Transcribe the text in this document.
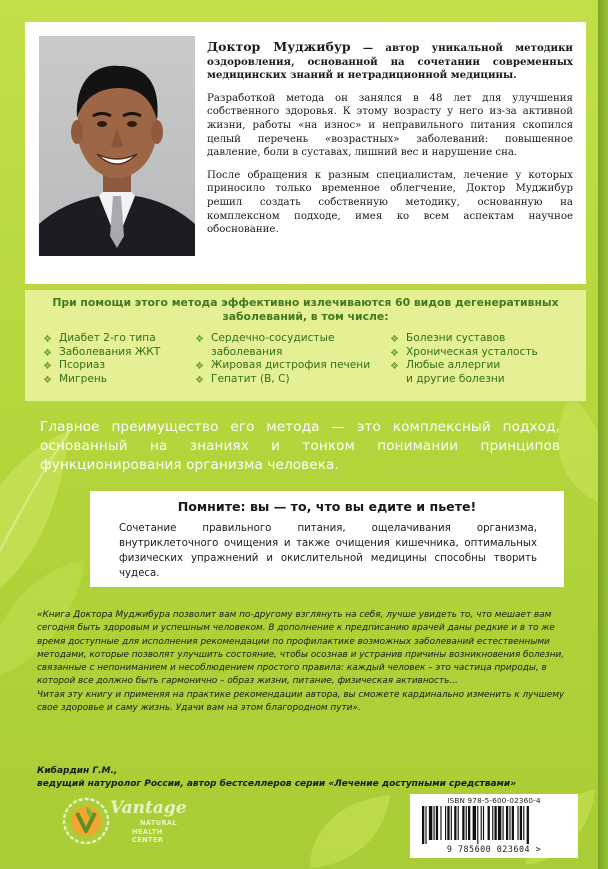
Доктор Муджибур — автор уникальной методики оздоровления, основанной на сочетании современных медицинских знаний и нетрадиционной медицины.

Разработкой метода он занялся в 48 лет для улучшения собственного здоровья. К этому возрасту у него из-за активной жизни, работы «на износ» и неправильного питания скопился целый перечень «возрастных» заболеваний: повышенное давление, боли в суставах, лишний вес и нарушение сна.

После обращения к разным специалистам, лечение у которых приносило только временное облегчение, Доктор Муджибур решил создать собственную методику, основанную на комплексном подходе, имея ко всем аспектам научное обоснование.

При помощи этого метода эффективно излечиваются 60 видов дегенеративных заболеваний, в том числе:
❖ Диабет 2-го типа
❖ Заболевания ЖКТ
❖ Псориаз
❖ Мигрень
❖ Сердечно-сосудистые
заболевания
❖ Жировая дистрофия печени
❖ Гепатит (В, С)
❖ Болезни суставов
❖ Хроническая усталость
❖ Любые аллергии
и другие болезни
Главное преимущество его метода — это комплексный подход, основанный на знаниях и тонком понимании принципов функционирования организма человека.
Помните: вы — то, что вы едите и пьете!

Сочетание правильного питания, ощелачивания организма, внутриклеточного очищения и также очищения кишечника, оптимальных физических упражнений и окислительной медицины способны творить чудеса.

«Книга Доктора Муджибура позволит вам по-другому взглянуть на себя, лучше увидеть то, что мешает вам сегодня быть здоровым и успешным человеком. В дополнение к предписанию врачей даны редкие и в то же время доступные для исполнения рекомендации по профилактике возможных заболеваний естественными методами, которые позволят улучшить состояние, чтобы осознав и устранив причины возникновения болезни, связанные с непониманием и несоблюдением простого правила: каждый человек – это частица природы, в которой все должно быть гармонично – образ жизни, питание, физическая активность...

Читая эту книгу и применяя на практике рекомендации автора, вы сможете кардинально изменить к лучшему свое здоровье и саму жизнь. Удачи вам на этом благородном пути».

Кибардин Г.М.,

ведущий натуролог России, автор бестселлеров серии «Лечение доступными средствами»

Vantage
NATURAL
HEALTH CENTER
ISBN 978-5-600-02360-4
9 785600 023604 >
